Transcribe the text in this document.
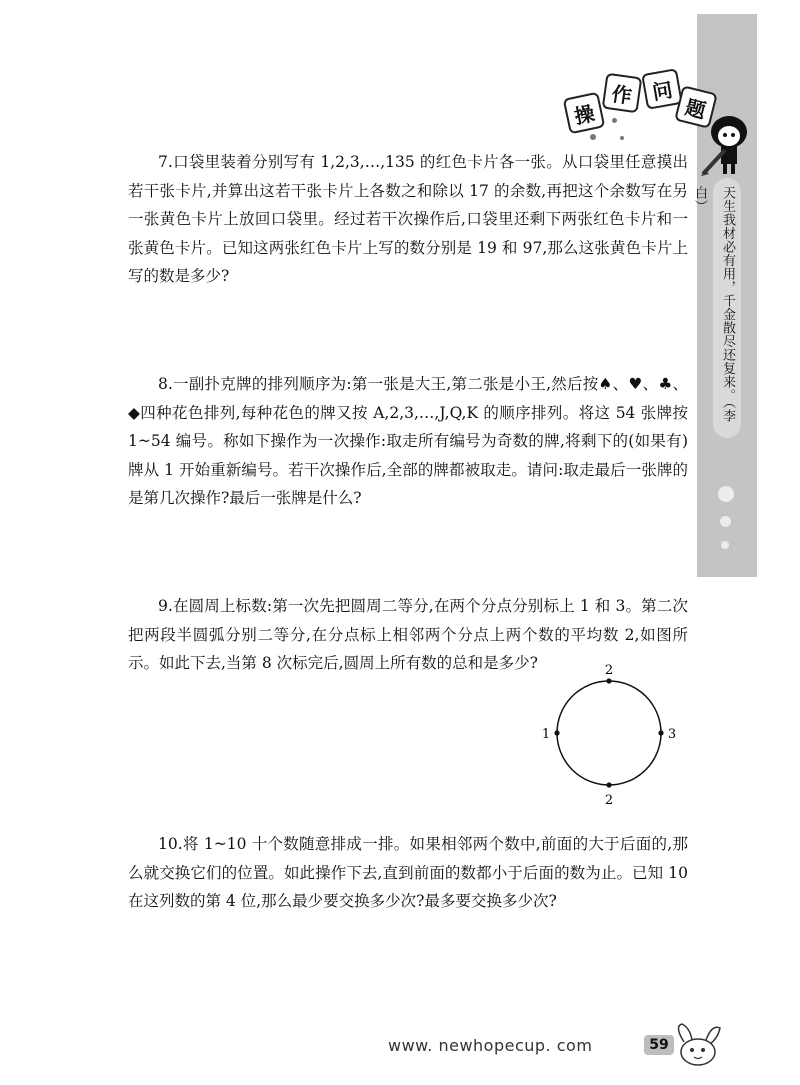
操
作 问
题
天生我材必有用，千金散尽还复来。（李白）
7.口袋里装着分别写有 1,2,3,…,135 的红色卡片各一张。从口袋里任意摸出若干张卡片,并算出这若干张卡片上各数之和除以 17 的余数,再把这个余数写在另一张黄色卡片上放回口袋里。经过若干次操作后,口袋里还剩下两张红色卡片和一张黄色卡片。已知这两张红色卡片上写的数分别是 19 和 97,那么这张黄色卡片上写的数是多少?
8.一副扑克牌的排列顺序为:第一张是大王,第二张是小王,然后按♠、♥、♣、◆四种花色排列,每种花色的牌又按 A,2,3,…,J,Q,K 的顺序排列。将这 54 张牌按 1~54 编号。称如下操作为一次操作:取走所有编号为奇数的牌,将剩下的(如果有)牌从 1 开始重新编号。若干次操作后,全部的牌都被取走。请问:取走最后一张牌的是第几次操作?最后一张牌是什么?
9.在圆周上标数:第一次先把圆周二等分,在两个分点分别标上 1 和 3。第二次把两段半圆弧分别二等分,在分点标上相邻两个分点上两个数的平均数 2,如图所示。如此下去,当第 8 次标完后,圆周上所有数的总和是多少?
10.将 1~10 十个数随意排成一排。如果相邻两个数中,前面的大于后面的,那么就交换它们的位置。如此操作下去,直到前面的数都小于后面的数为止。已知 10 在这列数的第 4 位,那么最少要交换多少次?最多要交换多少次?
2
1	3
2
www. newhopecup. com	59
